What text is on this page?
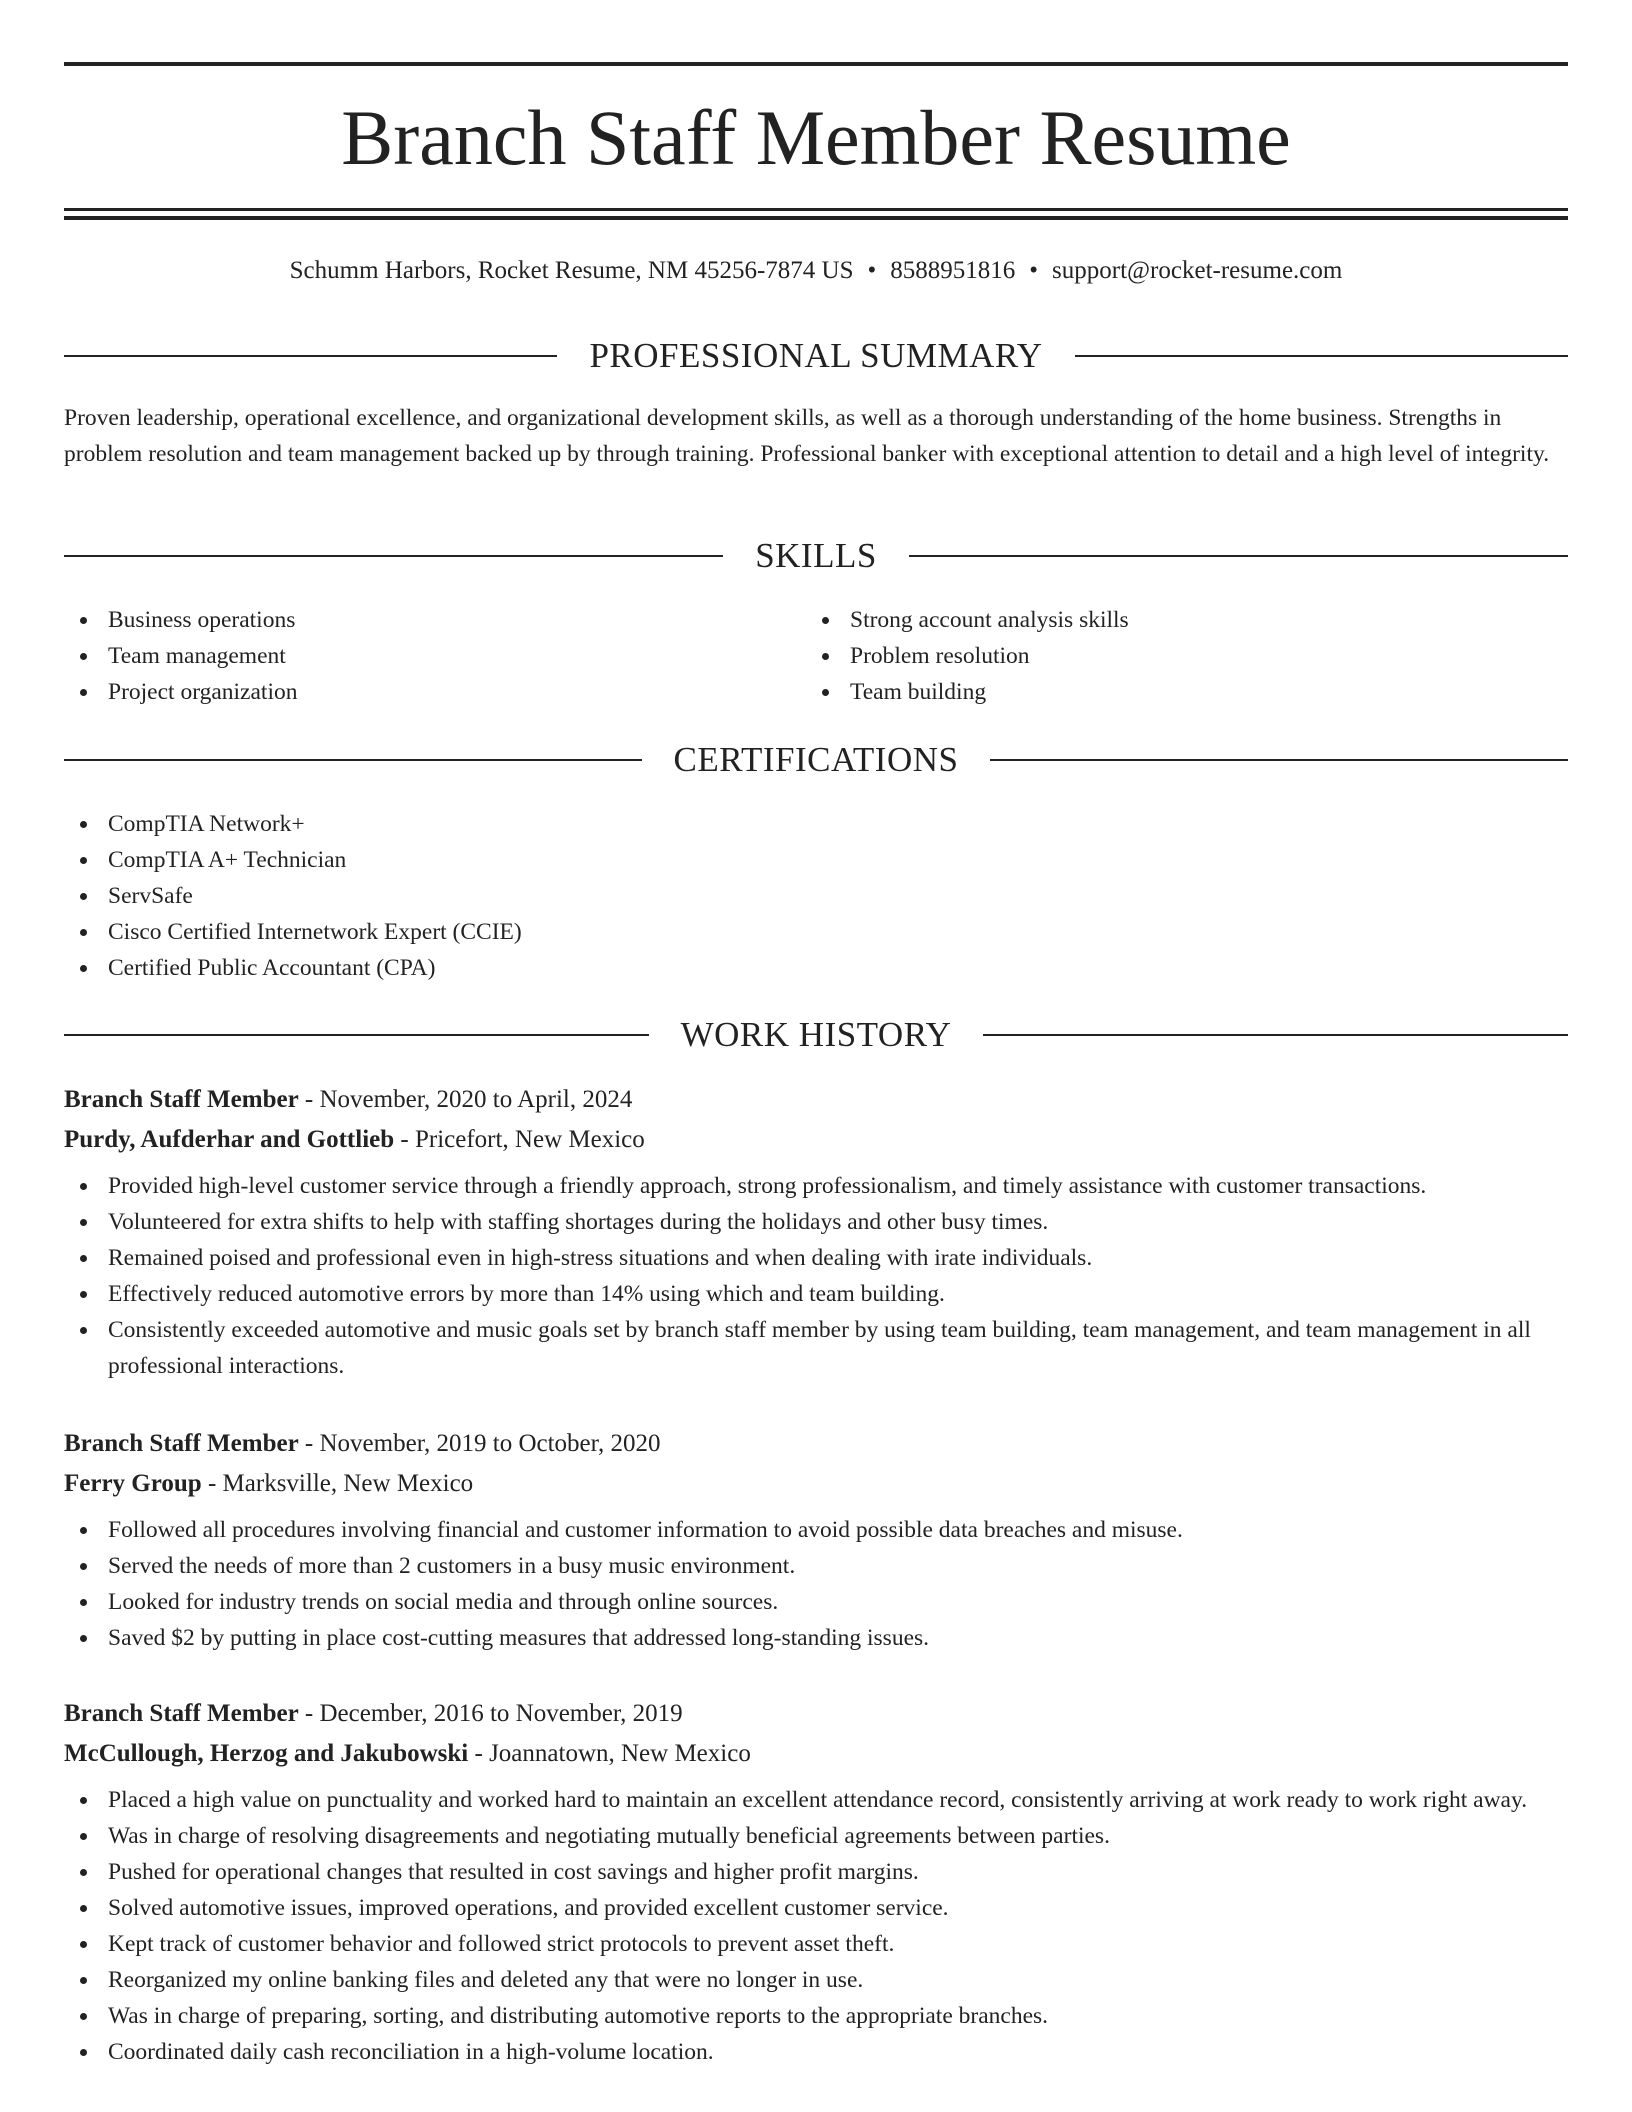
Branch Staff Member Resume
Schumm Harbors, Rocket Resume, NM 45256-7874 US • 8588951816 • support@rocket-resume.com
PROFESSIONAL SUMMARY

Proven leadership, operational excellence, and organizational development skills, as well as a thorough understanding of the home business. Strengths in problem resolution and team management backed up by through training. Professional banker with exceptional attention to detail and a high level of integrity.

SKILLS
Business operations
Team management
Project organization
Strong account analysis skills
Problem resolution
Team building
CERTIFICATIONS
CompTIA Network+
CompTIA A+ Technician
ServSafe
Cisco Certified Internetwork Expert (CCIE)
Certified Public Accountant (CPA)
WORK HISTORY
Branch Staff Member - November, 2020 to April, 2024
Purdy, Aufderhar and Gottlieb - Pricefort, New Mexico
Provided high-level customer service through a friendly approach, strong professionalism, and timely assistance with customer transactions.
Volunteered for extra shifts to help with staffing shortages during the holidays and other busy times.
Remained poised and professional even in high-stress situations and when dealing with irate individuals.
Effectively reduced automotive errors by more than 14% using which and team building.
Consistently exceeded automotive and music goals set by branch staff member by using team building, team management, and team management in all professional interactions.
Branch Staff Member - November, 2019 to October, 2020
Ferry Group - Marksville, New Mexico
Followed all procedures involving financial and customer information to avoid possible data breaches and misuse.
Served the needs of more than 2 customers in a busy music environment.
Looked for industry trends on social media and through online sources.
Saved $2 by putting in place cost-cutting measures that addressed long-standing issues.
Branch Staff Member - December, 2016 to November, 2019
McCullough, Herzog and Jakubowski - Joannatown, New Mexico
Placed a high value on punctuality and worked hard to maintain an excellent attendance record, consistently arriving at work ready to work right away.
Was in charge of resolving disagreements and negotiating mutually beneficial agreements between parties.
Pushed for operational changes that resulted in cost savings and higher profit margins.
Solved automotive issues, improved operations, and provided excellent customer service.
Kept track of customer behavior and followed strict protocols to prevent asset theft.
Reorganized my online banking files and deleted any that were no longer in use.
Was in charge of preparing, sorting, and distributing automotive reports to the appropriate branches.
Coordinated daily cash reconciliation in a high-volume location.
